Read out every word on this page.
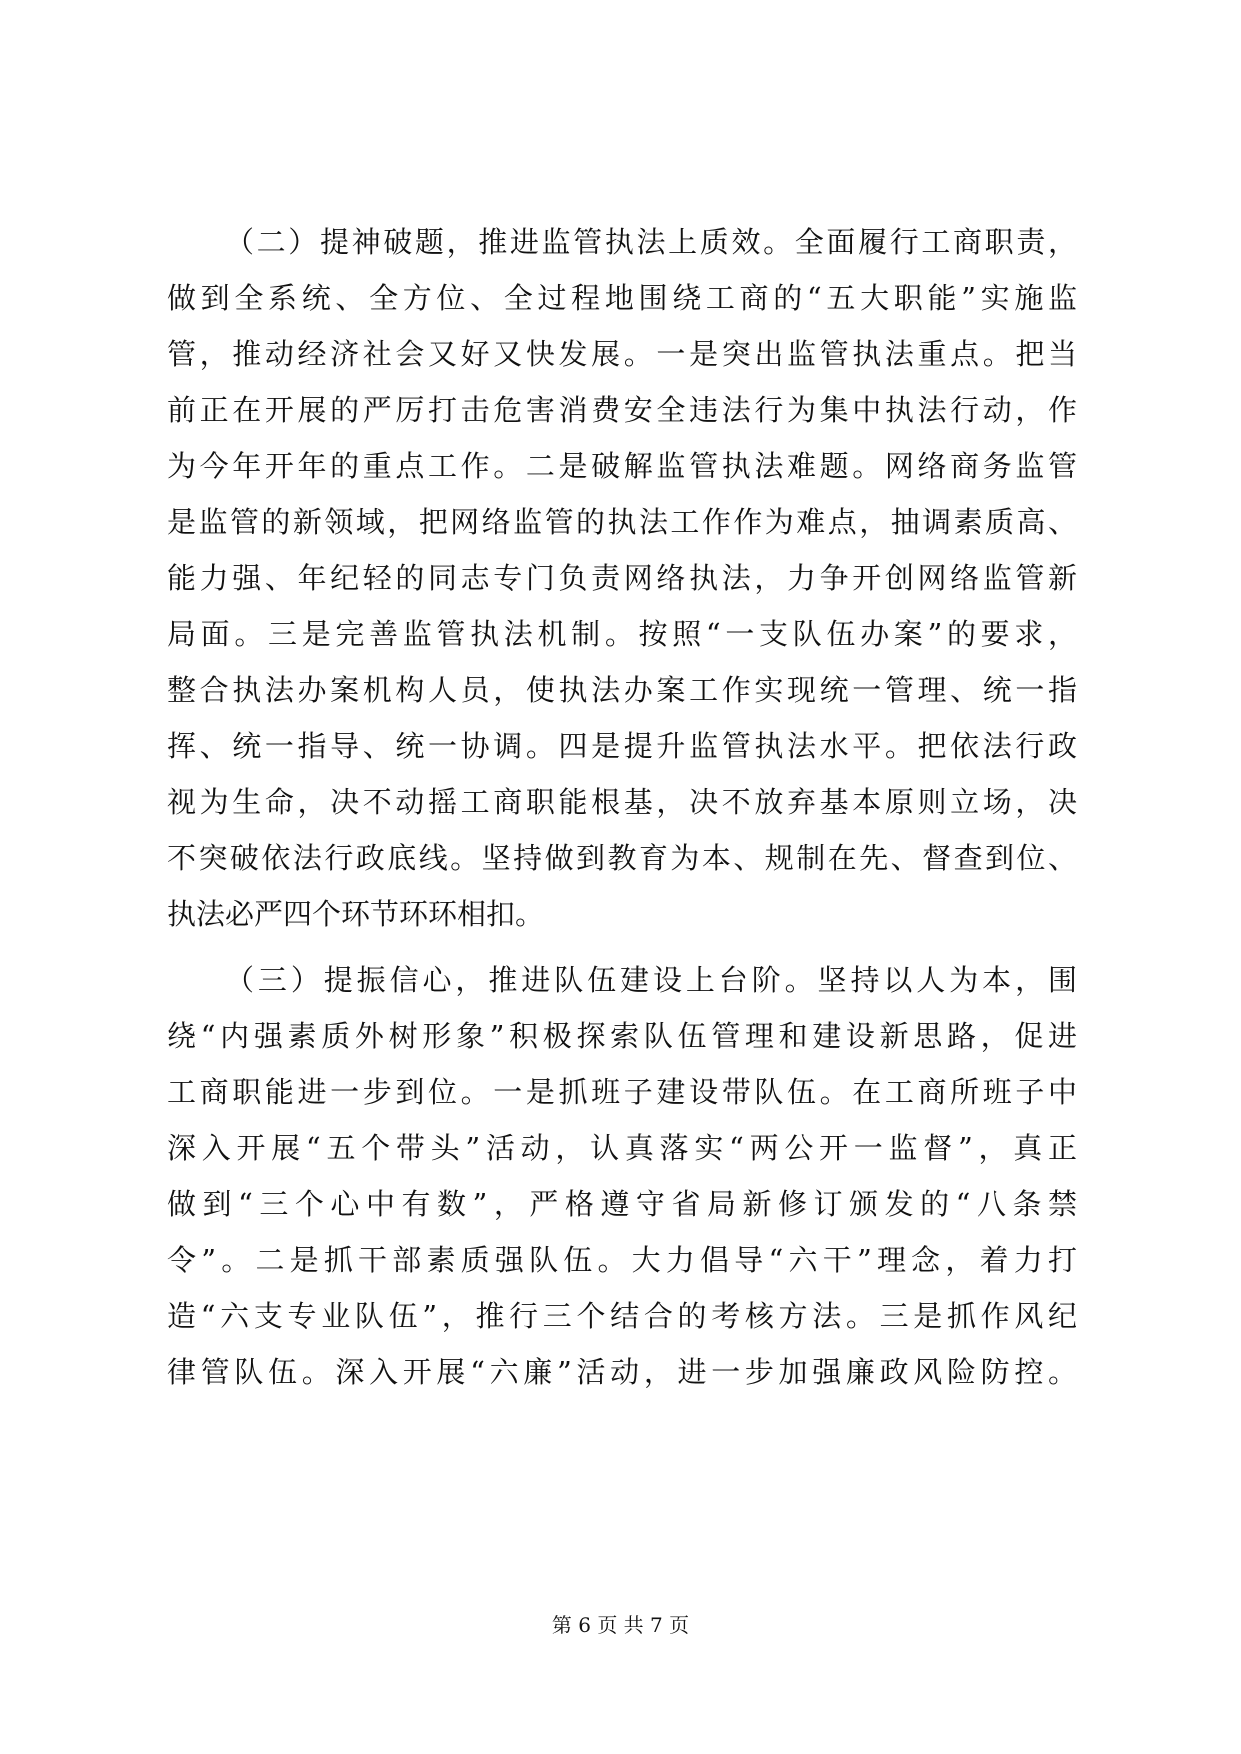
（二）提神破题，推进监管执法上质效。全面履行工商职责，
做到全系统、全方位、全过程地围绕工商的“五大职能”实施监
管，推动经济社会又好又快发展。一是突出监管执法重点。把当
前正在开展的严厉打击危害消费安全违法行为集中执法行动，作
为今年开年的重点工作。二是破解监管执法难题。网络商务监管
是监管的新领域，把网络监管的执法工作作为难点，抽调素质高、
能力强、年纪轻的同志专门负责网络执法，力争开创网络监管新
局面。三是完善监管执法机制。按照“一支队伍办案”的要求，
整合执法办案机构人员，使执法办案工作实现统一管理、统一指
挥、统一指导、统一协调。四是提升监管执法水平。把依法行政
视为生命，决不动摇工商职能根基，决不放弃基本原则立场，决
不突破依法行政底线。坚持做到教育为本、规制在先、督查到位、
执法必严四个环节环环相扣。
（三）提振信心，推进队伍建设上台阶。坚持以人为本，围
绕“内强素质外树形象”积极探索队伍管理和建设新思路，促进
工商职能进一步到位。一是抓班子建设带队伍。在工商所班子中
深入开展“五个带头”活动，认真落实“两公开一监督”，真正
做到“三个心中有数”，严格遵守省局新修订颁发的“八条禁
令”。二是抓干部素质强队伍。大力倡导“六干”理念，着力打
造“六支专业队伍”，推行三个结合的考核方法。三是抓作风纪
律管队伍。深入开展“六廉”活动，进一步加强廉政风险防控。
第 6 页 共 7 页
